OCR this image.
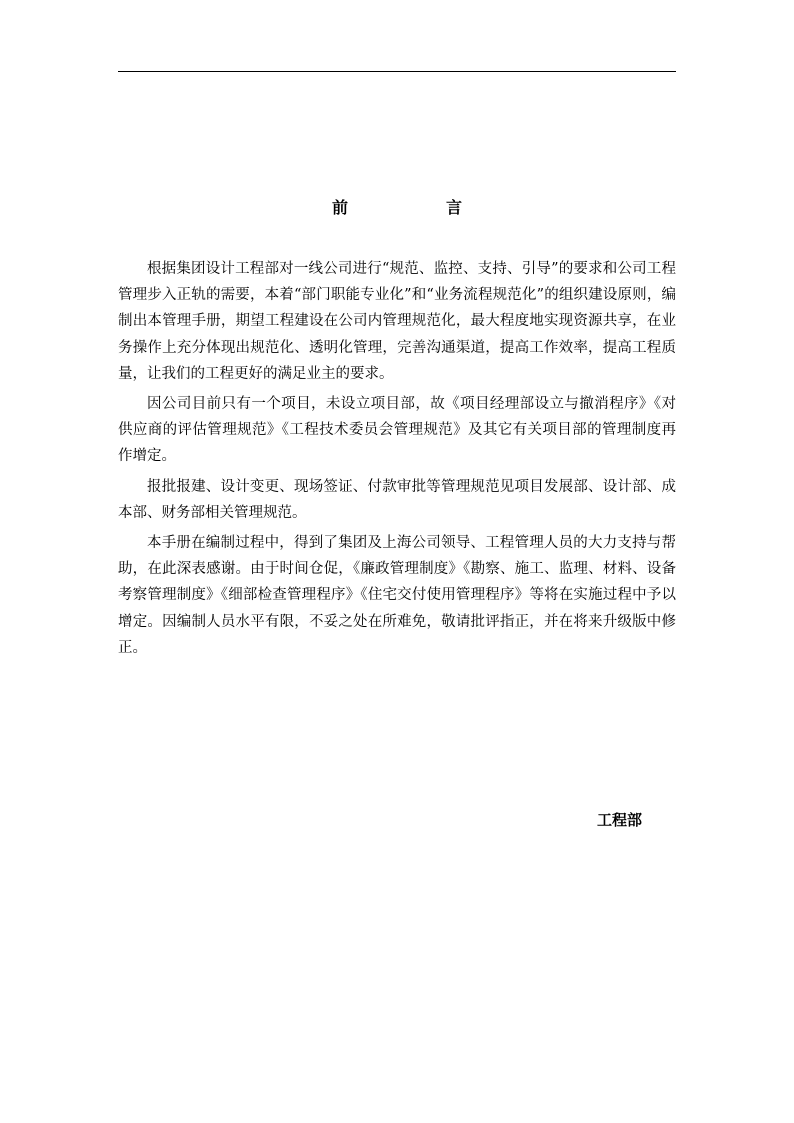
前	言

根据集团设计工程部对一线公司进行“规范、监控、支持、引导”的要求和公司工程管理步入正轨的需要，本着“部门职能专业化”和“业务流程规范化”的组织建设原则，编制出本管理手册，期望工程建设在公司内管理规范化，最大程度地实现资源共享，在业务操作上充分体现出规范化、透明化管理，完善沟通渠道，提高工作效率，提高工程质量，让我们的工程更好的满足业主的要求。

因公司目前只有一个项目，未设立项目部，故《项目经理部设立与撤消程序》《对供应商的评估管理规范》《工程技术委员会管理规范》及其它有关项目部的管理制度再作增定。

报批报建、设计变更、现场签证、付款审批等管理规范见项目发展部、设计部、成本部、财务部相关管理规范。

本手册在编制过程中，得到了集团及上海公司领导、工程管理人员的大力支持与帮助，在此深表感谢。由于时间仓促，《廉政管理制度》《勘察、施工、监理、材料、设备考察管理制度》《细部检查管理程序》《住宅交付使用管理程序》等将在实施过程中予以增定。因编制人员水平有限，不妥之处在所难免，敬请批评指正，并在将来升级版中修正。

工程部
